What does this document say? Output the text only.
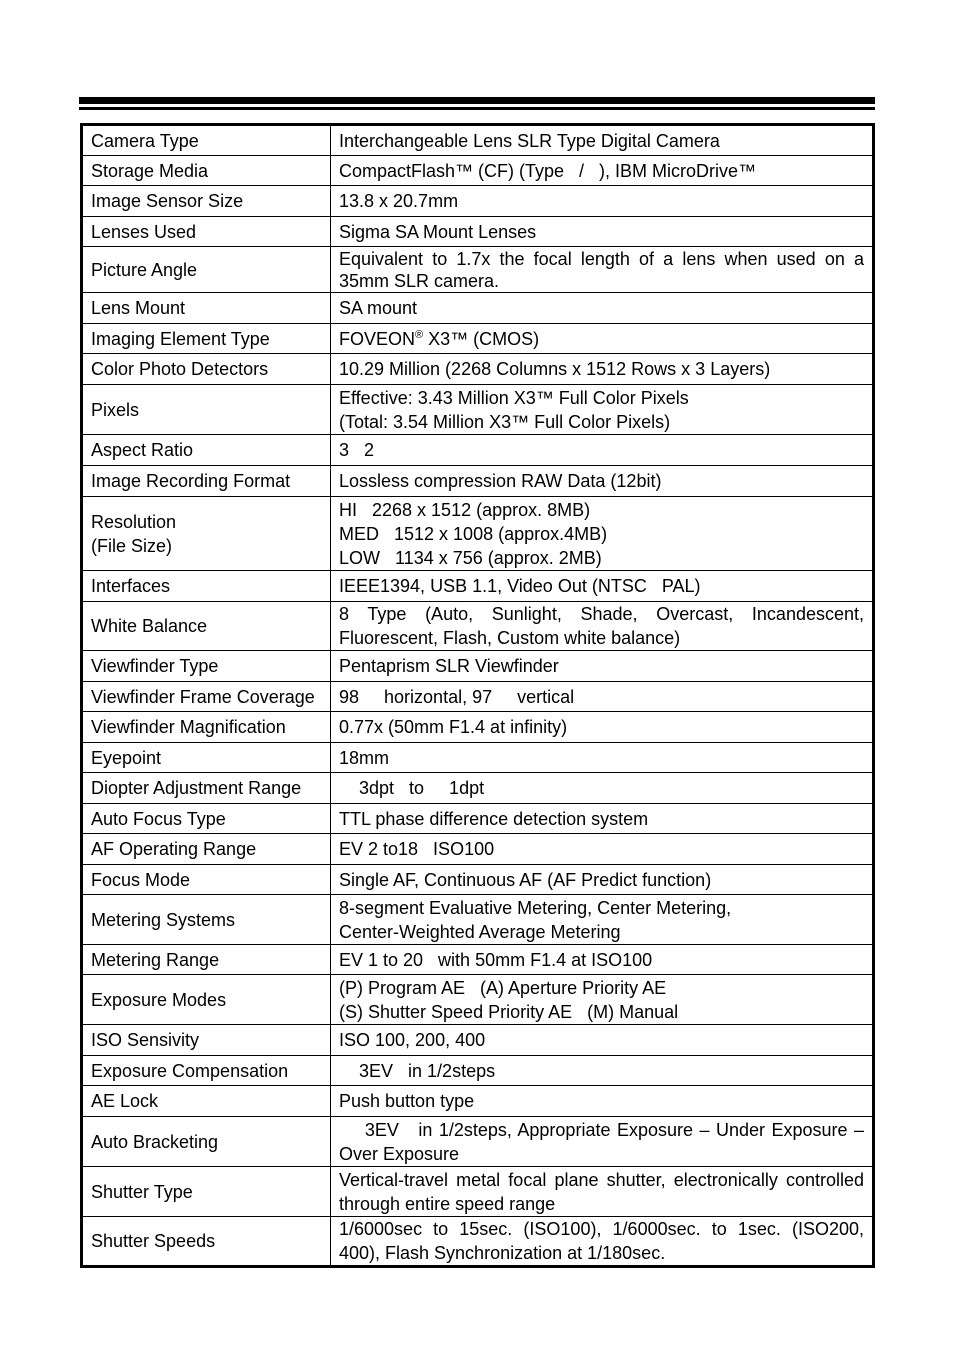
Camera Type	Interchangeable Lens SLR Type Digital Camera
Storage Media	CompactFlash™ (CF) (Type   /   ), IBM MicroDrive™
Image Sensor Size	13.8 x 20.7mm
Lenses Used	Sigma SA Mount Lenses
Picture Angle	Equivalent to 1.7x the focal length of a lens when used on a 35mm SLR camera.
Lens Mount	SA mount
Imaging Element Type	FOVEON® X3™ (CMOS)
Color Photo Detectors	10.29 Million (2268 Columns x 1512 Rows x 3 Layers)
Pixels	Effective: 3.43 Million X3™ Full Color Pixels
(Total: 3.54 Million X3™ Full Color Pixels)

Aspect Ratio	3   2
Image Recording Format	Lossless compression RAW Data (12bit)

Resolution
(File Size)	HI   2268 x 1512 (approx. 8MB)
MED   1512 x 1008 (approx.4MB)
LOW   1134 x 756 (approx. 2MB)

Interfaces	IEEE1394, USB 1.1, Video Out (NTSC   PAL)
White Balance	8 Type (Auto, Sunlight, Shade, Overcast, Incandescent, Fluorescent, Flash, Custom white balance)
Viewfinder Type	Pentaprism SLR Viewfinder
Viewfinder Frame Coverage	98     horizontal, 97     vertical
Viewfinder Magnification	0.77x (50mm F1.4 at infinity)
Eyepoint	18mm
Diopter Adjustment Range	3dpt   to     1dpt
Auto Focus Type	TTL phase difference detection system
AF Operating Range	EV 2 to18   ISO100
Focus Mode	Single AF, Continuous AF (AF Predict function)
Metering Systems	8-segment Evaluative Metering, Center Metering,
Center-Weighted Average Metering

Metering Range	EV 1 to 20   with 50mm F1.4 at ISO100
Exposure Modes	(P) Program AE   (A) Aperture Priority AE
(S) Shutter Speed Priority AE   (M) Manual

ISO Sensivity	ISO 100, 200, 400
Exposure Compensation	3EV   in 1/2steps
AE Lock	Push button type
Auto Bracketing	3EV   in 1/2steps, Appropriate Exposure – Under Exposure – Over Exposure
Shutter Type	Vertical-travel metal focal plane shutter, electronically controlled through entire speed range
Shutter Speeds	1/6000sec to 15sec. (ISO100), 1/6000sec. to 1sec. (ISO200, 400), Flash Synchronization at 1/180sec.
